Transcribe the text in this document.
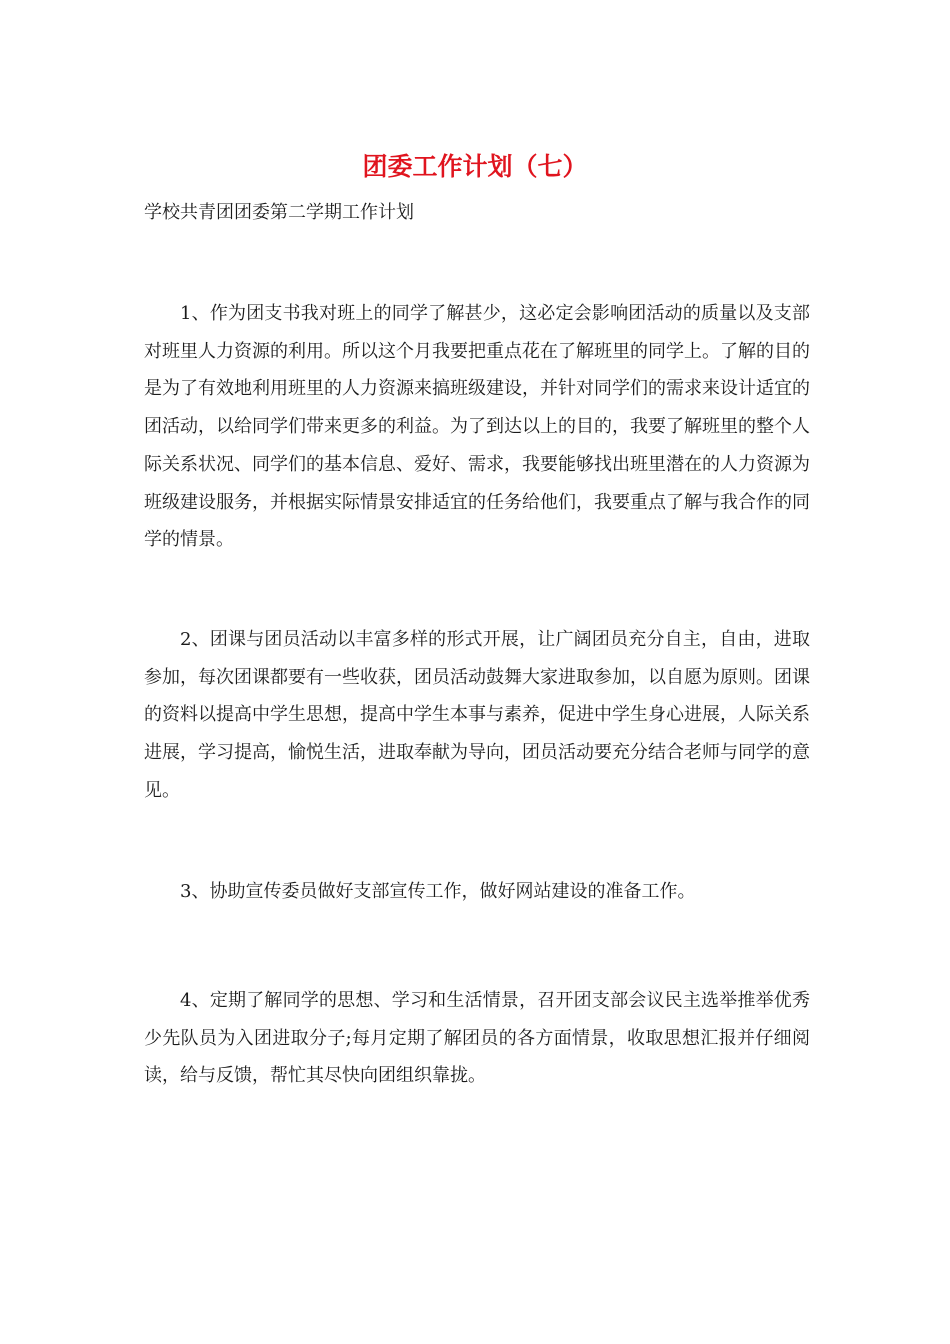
团委工作计划（七）
学校共青团团委第二学期工作计划

1、作为团支书我对班上的同学了解甚少，这必定会影响团活动的质量以及支部对班里人力资源的利用。所以这个月我要把重点花在了解班里的同学上。了解的目的是为了有效地利用班里的人力资源来搞班级建设，并针对同学们的需求来设计适宜的团活动，以给同学们带来更多的利益。为了到达以上的目的，我要了解班里的整个人际关系状况、同学们的基本信息、爱好、需求，我要能够找出班里潜在的人力资源为班级建设服务，并根据实际情景安排适宜的任务给他们，我要重点了解与我合作的同学的情景。

2、团课与团员活动以丰富多样的形式开展，让广阔团员充分自主，自由，进取参加，每次团课都要有一些收获，团员活动鼓舞大家进取参加，以自愿为原则。团课的资料以提高中学生思想，提高中学生本事与素养，促进中学生身心进展，人际关系进展，学习提高，愉悦生活，进取奉献为导向，团员活动要充分结合老师与同学的意见。

3、协助宣传委员做好支部宣传工作，做好网站建设的准备工作。

4、定期了解同学的思想、学习和生活情景，召开团支部会议民主选举推举优秀少先队员为入团进取分子;每月定期了解团员的各方面情景，收取思想汇报并仔细阅读，给与反馈，帮忙其尽快向团组织靠拢。
